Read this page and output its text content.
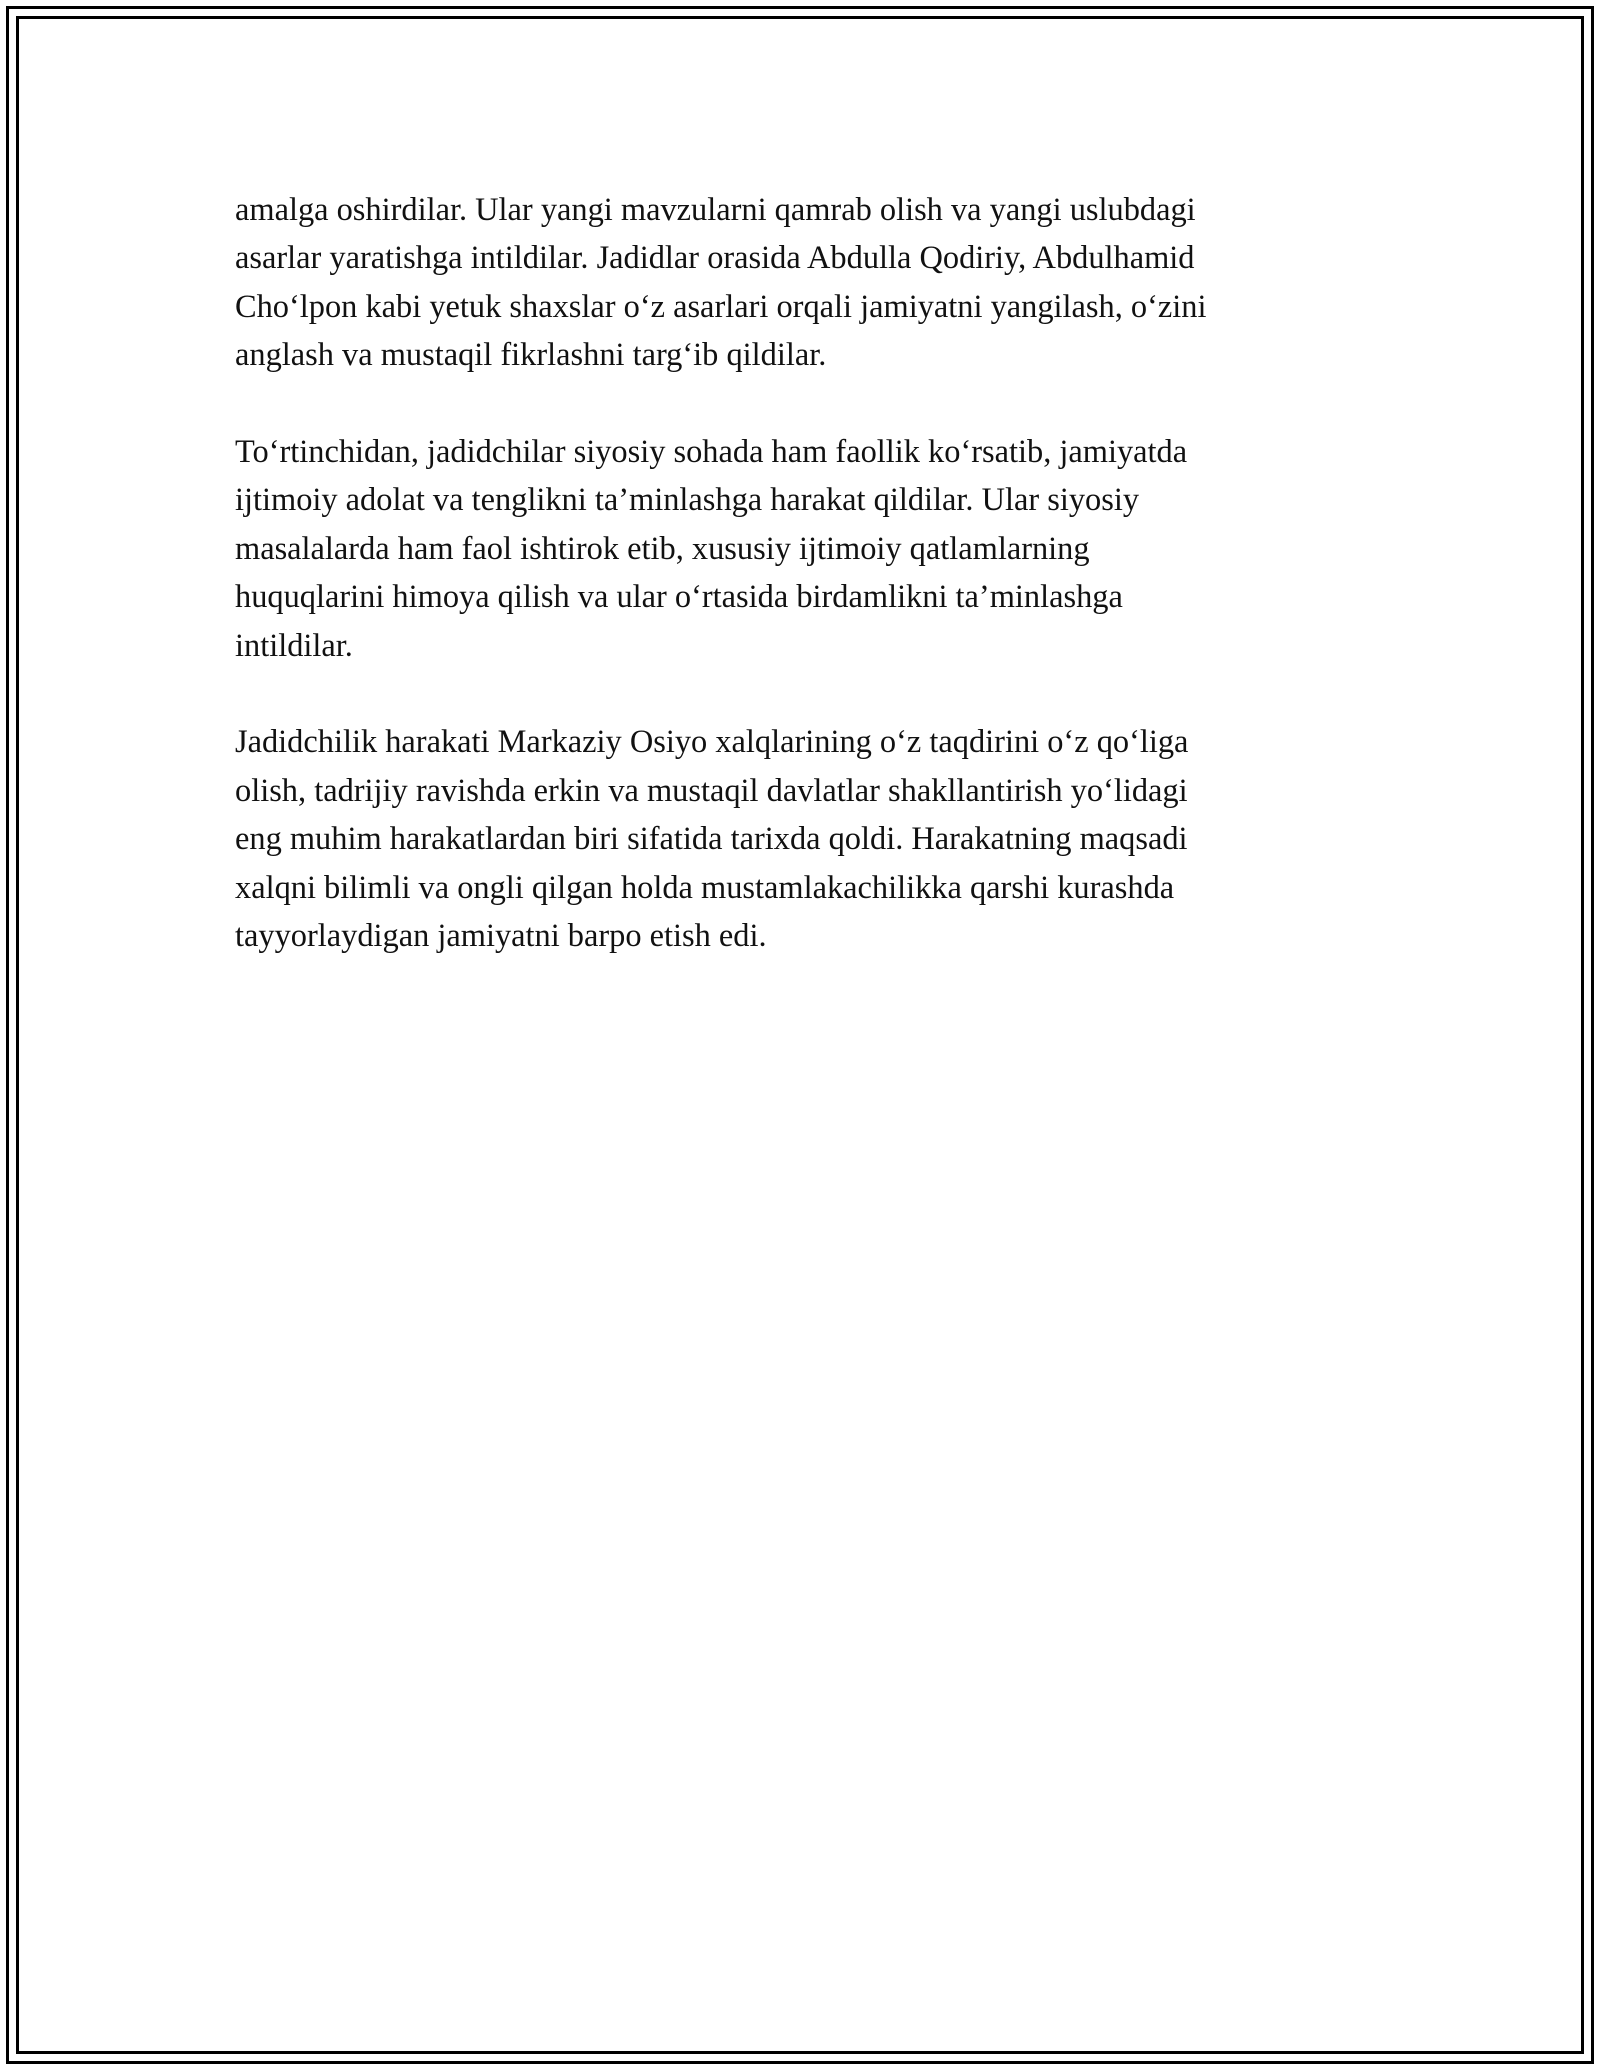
amalga oshirdilar. Ular yangi mavzularni qamrab olish va yangi uslubdagi
asarlar yaratishga intildilar. Jadidlar orasida Abdulla Qodiriy, Abdulhamid
Cho‘lpon kabi yetuk shaxslar o‘z asarlari orqali jamiyatni yangilash, o‘zini
anglash va mustaqil fikrlashni targ‘ib qildilar.

To‘rtinchidan, jadidchilar siyosiy sohada ham faollik ko‘rsatib, jamiyatda
ijtimoiy adolat va tenglikni ta’minlashga harakat qildilar. Ular siyosiy
masalalarda ham faol ishtirok etib, xususiy ijtimoiy qatlamlarning
huquqlarini himoya qilish va ular o‘rtasida birdamlikni ta’minlashga
intildilar.

Jadidchilik harakati Markaziy Osiyo xalqlarining o‘z taqdirini o‘z qo‘liga
olish, tadrijiy ravishda erkin va mustaqil davlatlar shakllantirish yo‘lidagi
eng muhim harakatlardan biri sifatida tarixda qoldi. Harakatning maqsadi
xalqni bilimli va ongli qilgan holda mustamlakachilikka qarshi kurashda
tayyorlaydigan jamiyatni barpo etish edi.
